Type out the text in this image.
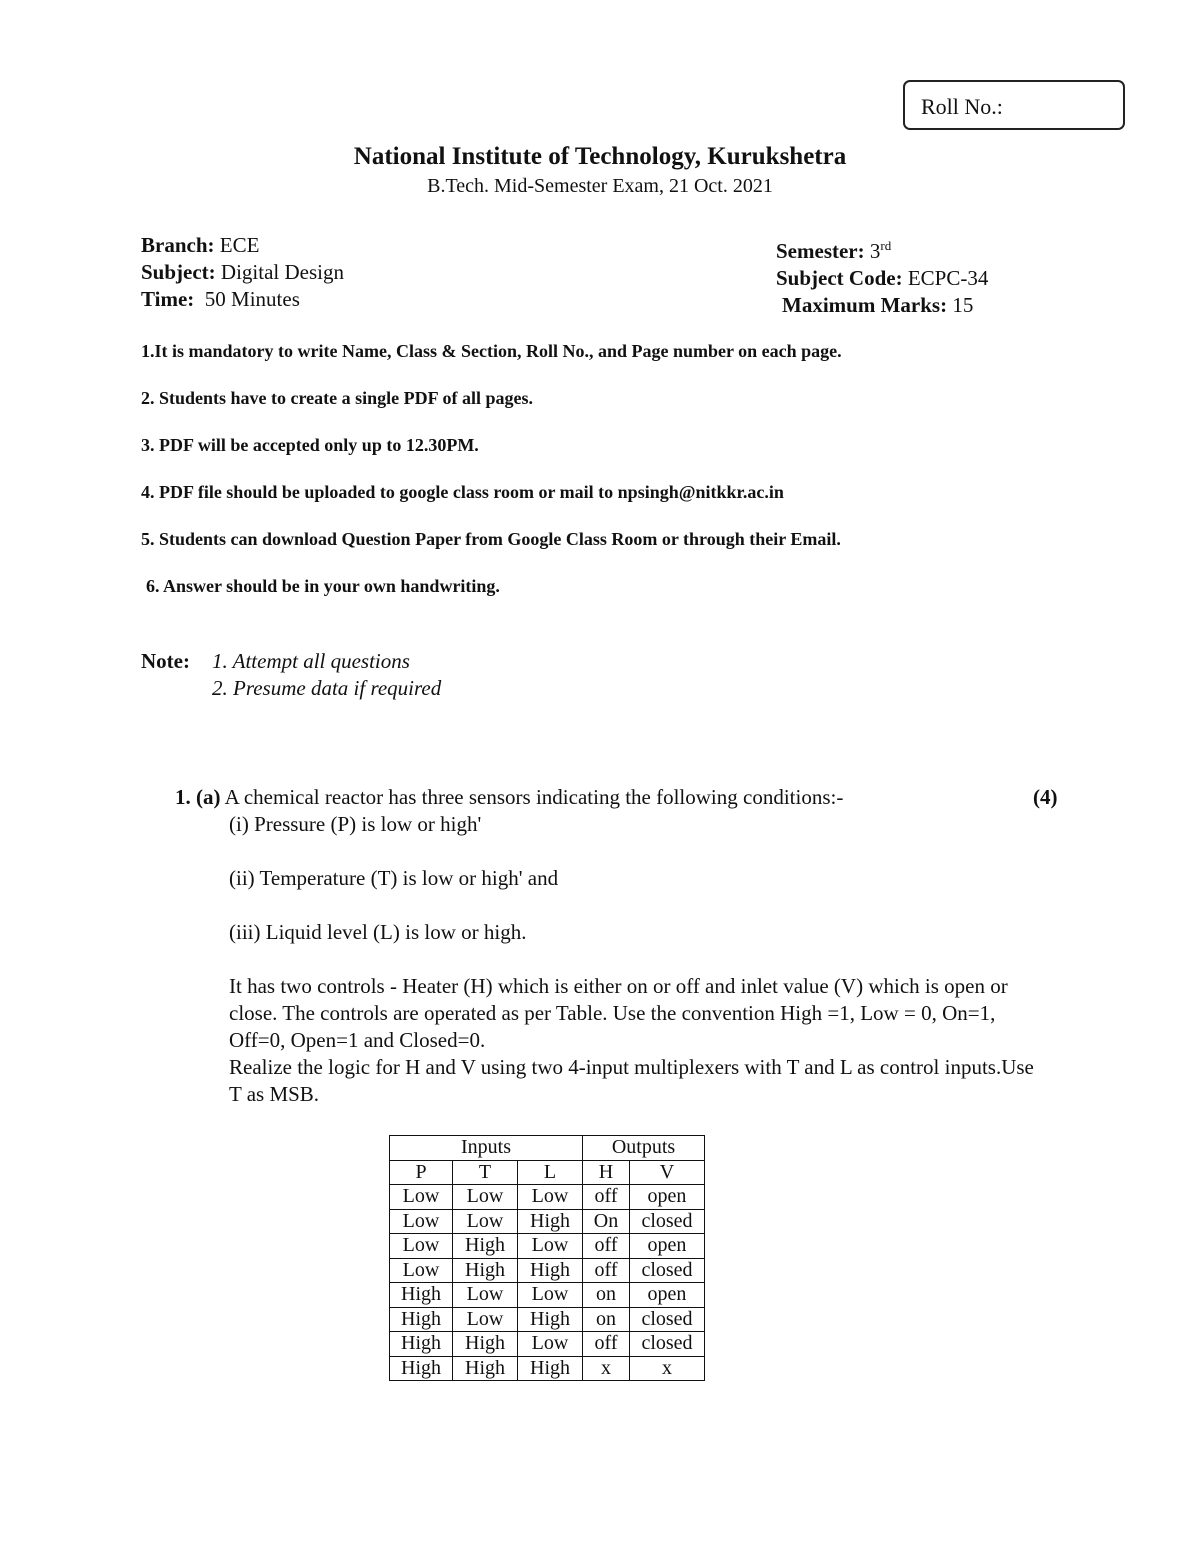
Roll No.:
National Institute of Technology, Kurukshetra
B.Tech. Mid-Semester Exam, 21 Oct. 2021
Branch: ECE
Subject: Digital Design
Time: 50 Minutes
Semester: 3rd
Subject Code: ECPC-34
Maximum Marks: 15
1.It is mandatory to write Name, Class & Section, Roll No., and Page number on each page.
2. Students have to create a single PDF of all pages.
3. PDF will be accepted only up to 12.30PM.
4. PDF file should be uploaded to google class room or mail to npsingh@nitkkr.ac.in
5. Students can download Question Paper from Google Class Room or through their Email.
6. Answer should be in your own handwriting.
Note: 1. Attempt all questions
2. Presume data if required
1. (a) A chemical reactor has three sensors indicating the following conditions:-	(4)
(i) Pressure (P) is low or high'
(ii) Temperature (T) is low or high' and
(iii) Liquid level (L) is low or high.
It has two controls - Heater (H) which is either on or off and inlet value (V) which is open or close. The controls are operated as per Table. Use the convention High =1, Low = 0, On=1, Off=0, Open=1 and Closed=0.
Realize the logic for H and V using two 4-input multiplexers with T and L as control inputs.Use T as MSB.
Inputs			Outputs	
P	T	L	H	V
Low	Low	Low	off	open
Low	Low	High	On	closed
Low	High	Low	off	open
Low	High	High	off	closed
High	Low	Low	on	open
High	Low	High	on	closed
High	High	Low	off	closed
High	High	High	x	x
